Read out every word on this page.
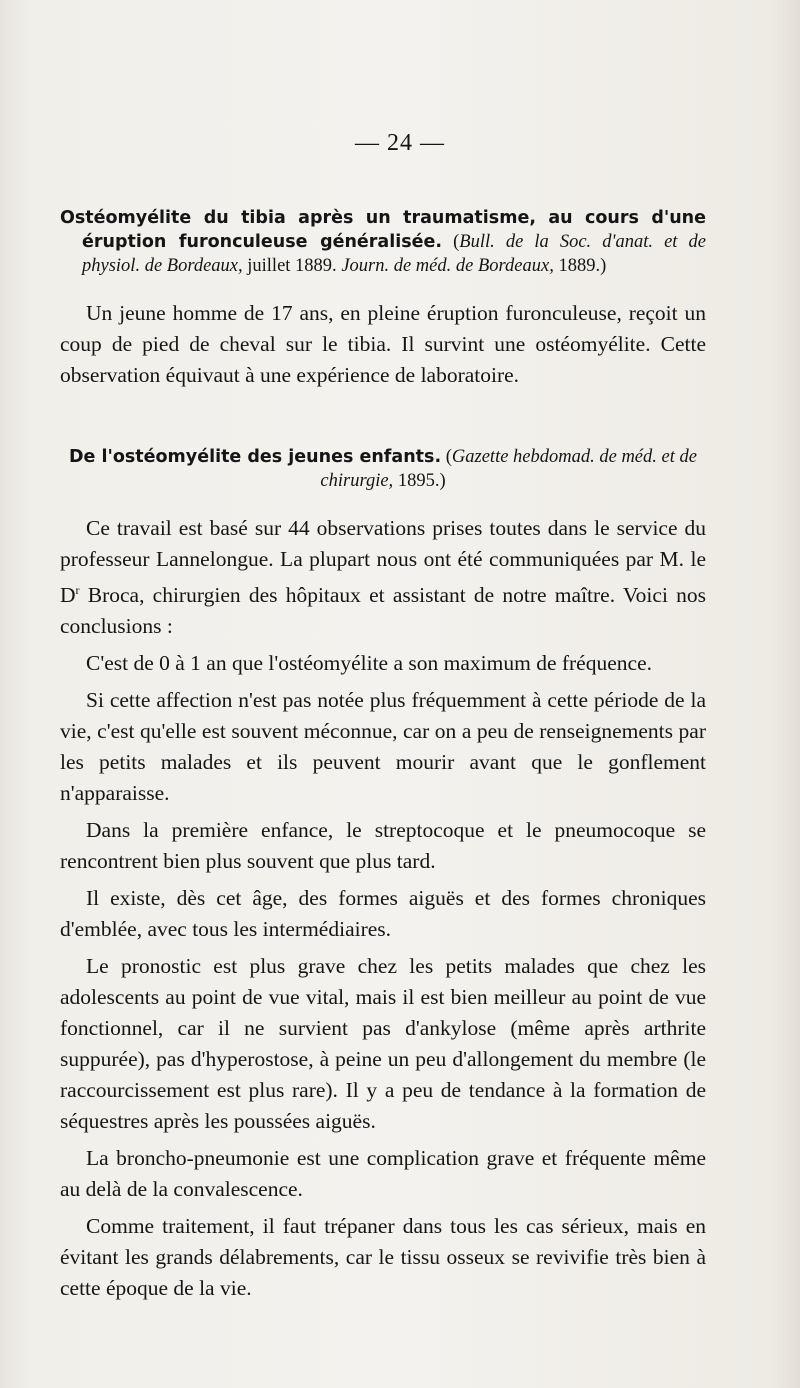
— 24 —

Ostéomyélite du tibia après un traumatisme, au cours d'une éruption furonculeuse généralisée. (Bull. de la Soc. d'anat. et de physiol. de Bordeaux, juillet 1889. Journ. de méd. de Bordeaux, 1889.)

Un jeune homme de 17 ans, en pleine éruption furonculeuse, reçoit un coup de pied de cheval sur le tibia. Il survint une ostéomyélite. Cette observation équivaut à une expérience de laboratoire.

De l'ostéomyélite des jeunes enfants. (Gazette hebdomad. de méd. et de chirurgie, 1895.)

Ce travail est basé sur 44 observations prises toutes dans le service du professeur Lannelongue. La plupart nous ont été communiquées par M. le $D^r$ Broca, chirurgien des hôpitaux et assistant de notre maître. Voici nos conclusions :

C'est de 0 à 1 an que l'ostéomyélite a son maximum de fréquence.

Si cette affection n'est pas notée plus fréquemment à cette période de la vie, c'est qu'elle est souvent méconnue, car on a peu de renseignements par les petits malades et ils peuvent mourir avant que le gonflement n'apparaisse.

Dans la première enfance, le streptocoque et le pneumocoque se rencontrent bien plus souvent que plus tard.

Il existe, dès cet âge, des formes aiguës et des formes chroniques d'emblée, avec tous les intermédiaires.

Le pronostic est plus grave chez les petits malades que chez les adolescents au point de vue vital, mais il est bien meilleur au point de vue fonctionnel, car il ne survient pas d'ankylose (même après arthrite suppurée), pas d'hyperostose, à peine un peu d'allongement du membre (le raccourcissement est plus rare). Il y a peu de tendance à la formation de séquestres après les poussées aiguës.

La broncho-pneumonie est une complication grave et fréquente même au delà de la convalescence.

Comme traitement, il faut trépaner dans tous les cas sérieux, mais en évitant les grands délabrements, car le tissu osseux se revivifie très bien à cette époque de la vie.
